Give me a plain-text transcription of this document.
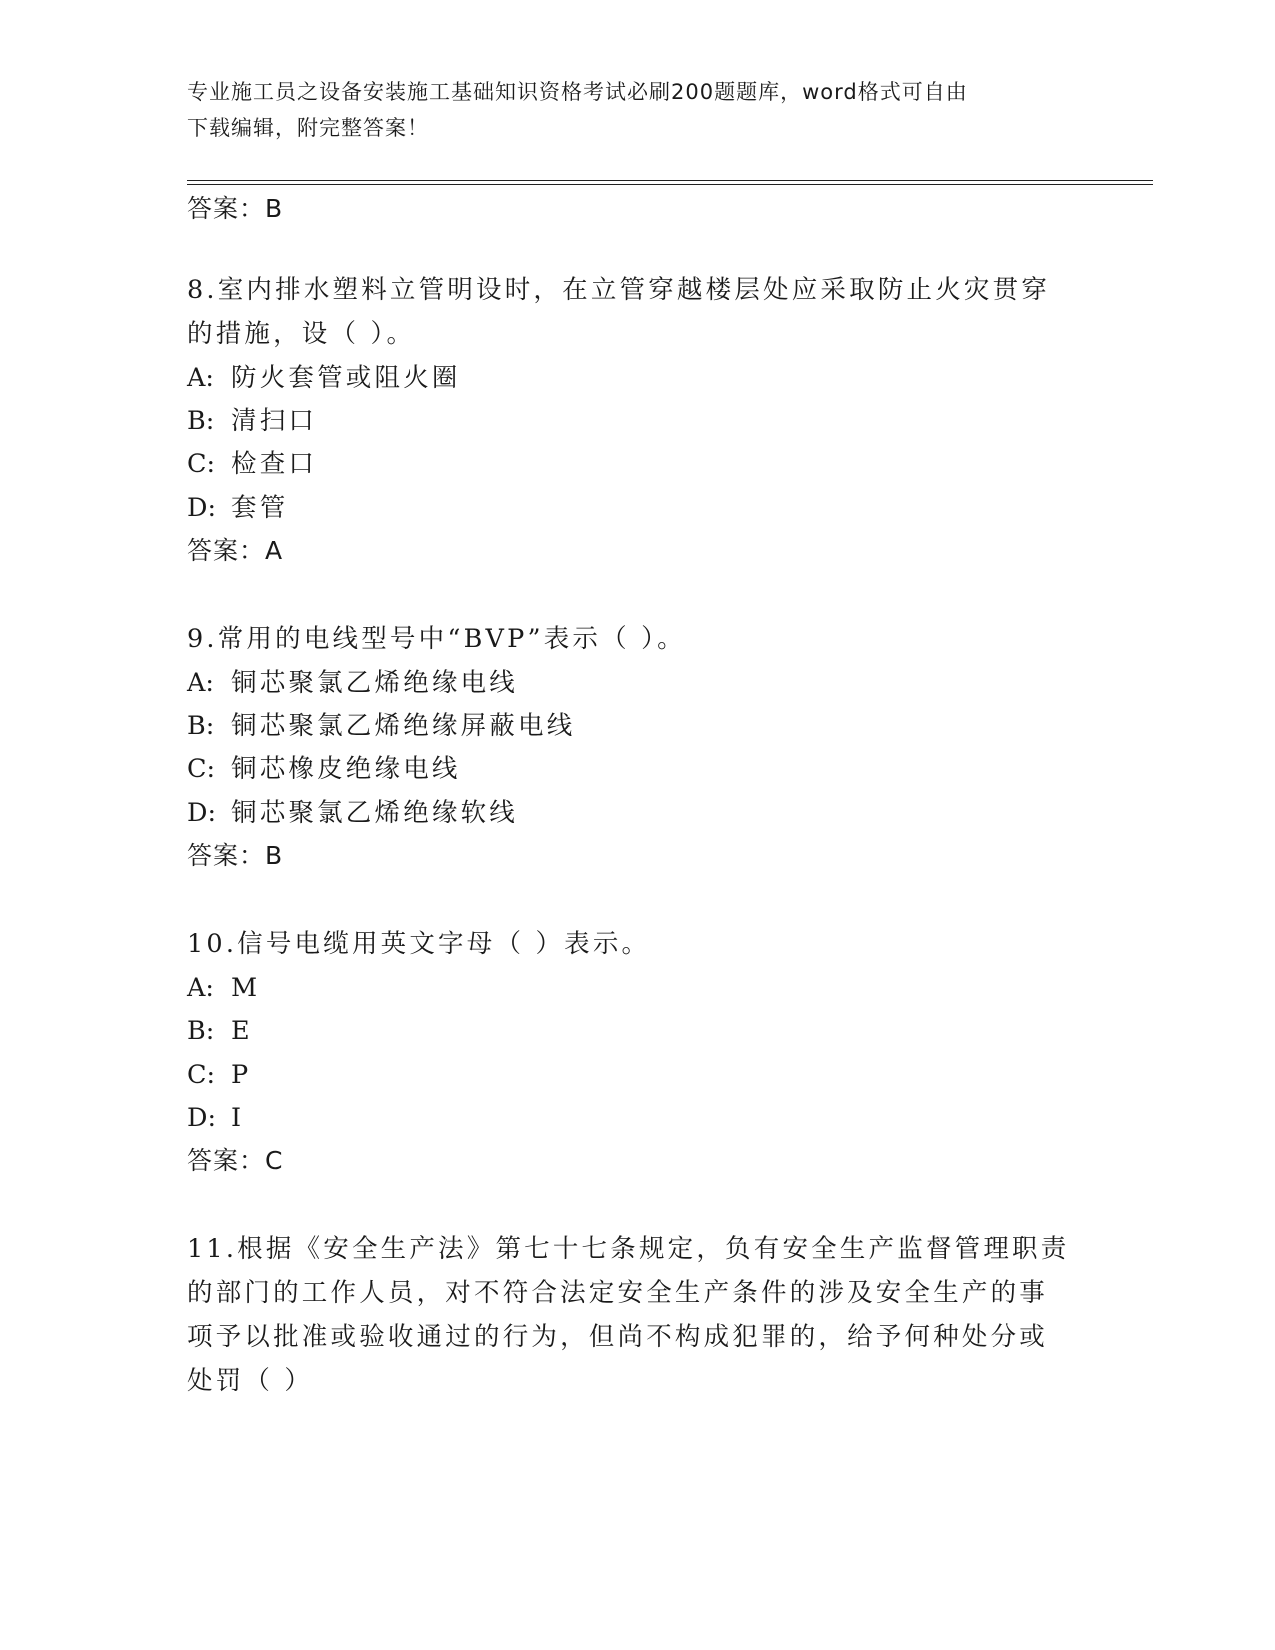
专业施工员之设备安装施工基础知识资格考试必刷200题题库，word格式可自由
下载编辑，附完整答案！
答案：B
8.室内排水塑料立管明设时，在立管穿越楼层处应采取防止火灾贯穿
的措施，设（ ）。
A: 防火套管或阻火圈
B: 清扫口
C: 检查口
D: 套管
答案：A
9.常用的电线型号中“BVP”表示（ ）。
A: 铜芯聚氯乙烯绝缘电线
B: 铜芯聚氯乙烯绝缘屏蔽电线
C: 铜芯橡皮绝缘电线
D: 铜芯聚氯乙烯绝缘软线
答案：B
10.信号电缆用英文字母（ ）表示。
A: M
B: E
C: P
D: I
答案：C
11.根据《安全生产法》第七十七条规定，负有安全生产监督管理职责
的部门的工作人员，对不符合法定安全生产条件的涉及安全生产的事
项予以批准或验收通过的行为，但尚不构成犯罪的，给予何种处分或
处罚（ ）
